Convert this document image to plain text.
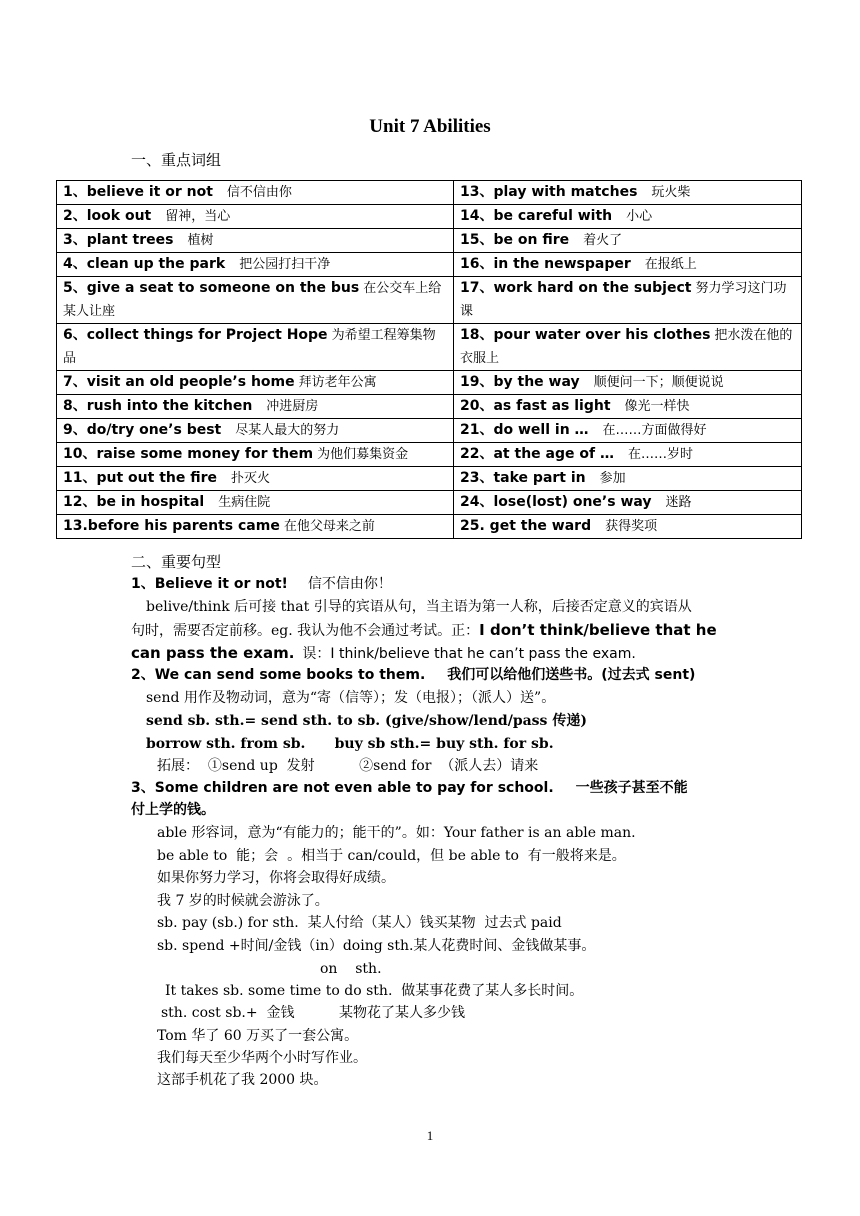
Unit 7 Abilities
一、重点词组
1、believe it or not 信不信由你	13、play with matches 玩火柴
2、look out 留神，当心	14、be careful with 小心
3、plant trees 植树	15、be on fire 着火了
4、clean up the park 把公园打扫干净	16、in the newspaper 在报纸上
5、give a seat to someone on the bus 在公交车上给某人让座	17、work hard on the subject 努力学习这门功课
6、collect things for Project Hope 为希望工程筹集物品	18、pour water over his clothes 把水泼在他的衣服上
7、visit an old people’s home 拜访老年公寓	19、by the way 顺便问一下；顺便说说
8、rush into the kitchen 冲进厨房	20、as fast as light 像光一样快
9、do/try one’s best 尽某人最大的努力	21、do well in … 在……方面做得好
10、raise some money for them 为他们募集资金	22、at the age of … 在……岁时
11、put out the fire 扑灭火	23、take part in 参加
12、be in hospital 生病住院	24、lose(lost) one’s way 迷路
13.before his parents came 在他父母来之前	25. get the ward 获得奖项
二、重要句型
1、Believe it or not! 信不信由你！
belive/think 后可接 that 引导的宾语从句，当主语为第一人称，后接否定意义的宾语从
句时，需要否定前移。eg. 我认为他不会通过考试。正：I don’t think/believe that he
can pass the exam. 误：I think/believe that he can’t pass the exam.
2、We can send some books to them. 我们可以给他们送些书。(过去式 sent)
send 用作及物动词，意为“寄（信等）；发（电报）；（派人）送”。
send sb. sth.= send sth. to sb. (give/show/lend/pass 传递)
borrow sth. from sb.      buy sb sth.= buy sth. for sb.
拓展：  ①send up  发射          ②send for  （派人去）请来
3、Some children are not even able to pay for school. 一些孩子甚至不能
付上学的钱。
able 形容词，意为“有能力的；能干的”。如：Your father is an able man.
be able to  能；会  。相当于 can/could，但 be able to  有一般将来是。
如果你努力学习，你将会取得好成绩。
我 7 岁的时候就会游泳了。
sb. pay (sb.) for sth.  某人付给（某人）钱买某物  过去式 paid
sb. spend +时间/金钱（in）doing sth.某人花费时间、金钱做某事。
on    sth.
It takes sb. some time to do sth.  做某事花费了某人多长时间。
sth. cost sb.+  金钱          某物花了某人多少钱
Tom 华了 60 万买了一套公寓。
我们每天至少华两个小时写作业。
这部手机花了我 2000 块。
1
